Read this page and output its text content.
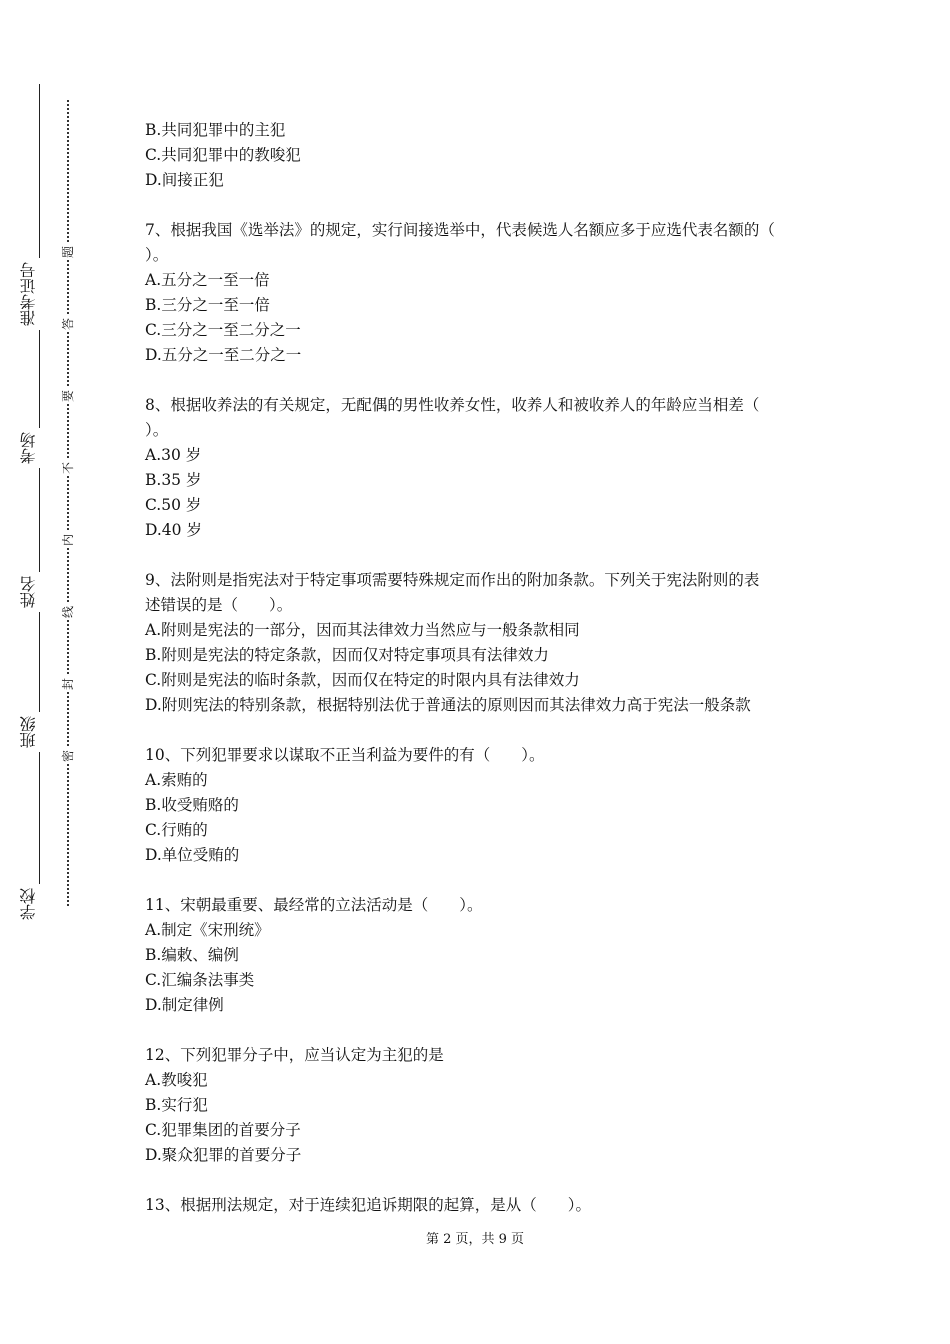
准考证号
考场
姓名
班级
学校
题
答
要
不
内
线
封
密

B.共同犯罪中的主犯

C.共同犯罪中的教唆犯

D.间接正犯

7、根据我国《选举法》的规定，实行间接选举中，代表候选人名额应多于应选代表名额的（

）。

A.五分之一至一倍

B.三分之一至一倍

C.三分之一至二分之一

D.五分之一至二分之一

8、根据收养法的有关规定，无配偶的男性收养女性，收养人和被收养人的年龄应当相差（

）。

A.30 岁

B.35 岁

C.50 岁

D.40 岁

9、法附则是指宪法对于特定事项需要特殊规定而作出的附加条款。下列关于宪法附则的表

述错误的是（　　）。

A.附则是宪法的一部分，因而其法律效力当然应与一般条款相同

B.附则是宪法的特定条款，因而仅对特定事项具有法律效力

C.附则是宪法的临时条款，因而仅在特定的时限内具有法律效力

D.附则宪法的特别条款，根据特别法优于普通法的原则因而其法律效力高于宪法一般条款

10、下列犯罪要求以谋取不正当利益为要件的有（　　）。

A.索贿的

B.收受贿赂的

C.行贿的

D.单位受贿的

11、宋朝最重要、最经常的立法活动是（　　）。

A.制定《宋刑统》

B.编敕、编例

C.汇编条法事类

D.制定律例

12、下列犯罪分子中，应当认定为主犯的是

A.教唆犯

B.实行犯

C.犯罪集团的首要分子

D.聚众犯罪的首要分子

13、根据刑法规定，对于连续犯追诉期限的起算，是从（　　）。

第 2 页，共 9 页
